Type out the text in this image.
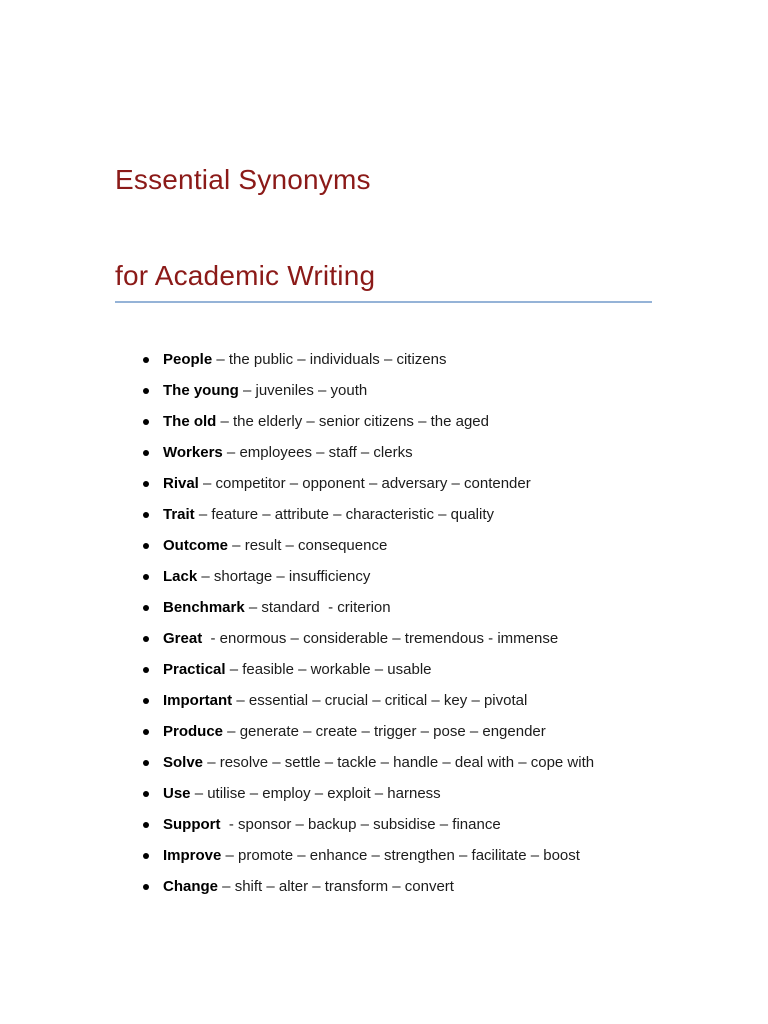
Essential Synonyms
for Academic Writing
People – the public – individuals – citizens
The young – juveniles – youth
The old – the elderly – senior citizens – the aged
Workers – employees – staff – clerks
Rival – competitor – opponent – adversary – contender
Trait – feature – attribute – characteristic – quality
Outcome – result – consequence
Lack – shortage – insufficiency
Benchmark – standard  - criterion
Great - enormous – considerable – tremendous - immense
Practical – feasible – workable – usable
Important – essential – crucial – critical – key – pivotal
Produce – generate – create – trigger – pose – engender
Solve – resolve – settle – tackle – handle – deal with – cope with
Use – utilise – employ – exploit – harness
Support - sponsor – backup – subsidise – finance
Improve – promote – enhance – strengthen – facilitate – boost
Change – shift – alter – transform – convert
